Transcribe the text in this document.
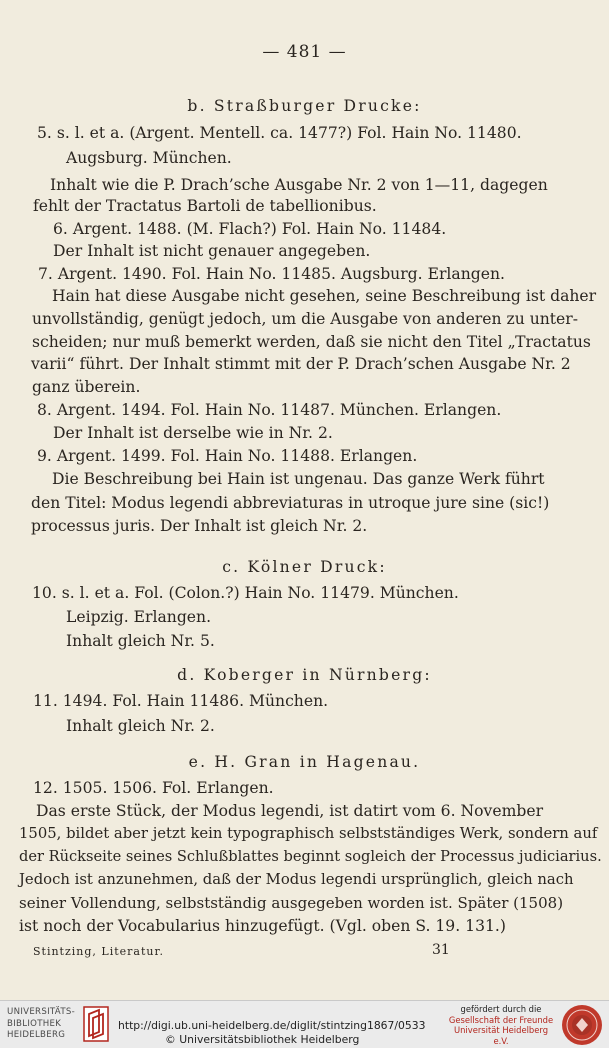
— 481 —
b. Straßburger Drucke:
5. s. l. et a. (Argent. Mentell. ca. 1477?) Fol. Hain No. 11480.
Augsburg. München.
Inhalt wie die P. Drach’sche Ausgabe Nr. 2 von 1—11, dagegen
fehlt der Tractatus Bartoli de tabellionibus.
6. Argent. 1488. (M. Flach?) Fol. Hain No. 11484.
Der Inhalt ist nicht genauer angegeben.
7. Argent. 1490. Fol. Hain No. 11485. Augsburg. Erlangen.
Hain hat diese Ausgabe nicht gesehen, seine Beschreibung ist daher
unvollständig, genügt jedoch, um die Ausgabe von anderen zu unter-
scheiden; nur muß bemerkt werden, daß sie nicht den Titel „Tractatus
varii“ führt. Der Inhalt stimmt mit der P. Drach’schen Ausgabe Nr. 2
ganz überein.
8. Argent. 1494. Fol. Hain No. 11487. München. Erlangen.
Der Inhalt ist derselbe wie in Nr. 2.
9. Argent. 1499. Fol. Hain No. 11488. Erlangen.
Die Beschreibung bei Hain ist ungenau. Das ganze Werk führt
den Titel: Modus legendi abbreviaturas in utroque jure sine (sic!)
processus juris. Der Inhalt ist gleich Nr. 2.
c. Kölner Druck:
10. s. l. et a. Fol. (Colon.?) Hain No. 11479. München.
Leipzig. Erlangen.
Inhalt gleich Nr. 5.
d. Koberger in Nürnberg:
11. 1494. Fol. Hain 11486. München.
Inhalt gleich Nr. 2.
e. H. Gran in Hagenau.
12. 1505. 1506. Fol. Erlangen.
Das erste Stück, der Modus legendi, ist datirt vom 6. November
1505, bildet aber jetzt kein typographisch selbstständiges Werk, sondern auf
der Rückseite seines Schlußblattes beginnt sogleich der Processus judiciarius.
Jedoch ist anzunehmen, daß der Modus legendi ursprünglich, gleich nach
seiner Vollendung, selbstständig ausgegeben worden ist. Später (1508)
ist noch der Vocabularius hinzugefügt. (Vgl. oben S. 19. 131.)
Stintzing, Literatur.	31
UNIVERSITÄTS-
BIBLIOTHEK
HEIDELBERG
http://digi.ub.uni-heidelberg.de/diglit/stintzing1867/0533
© Universitätsbibliothek Heidelberg
gefördert durch die
Gesellschaft der Freunde
Universität Heidelberg e.V.
